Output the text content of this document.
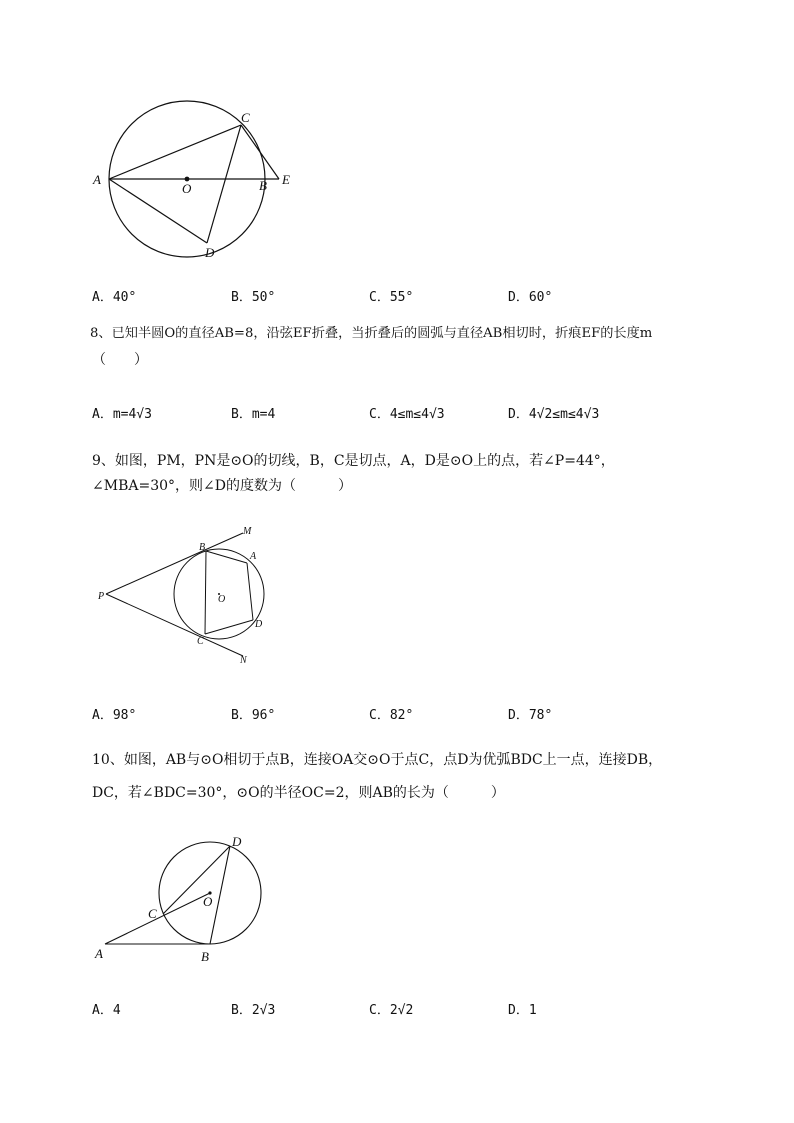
A
O	B E
C
D
A．40°	B．50°	C．55°	D．60°
8、已知半圆O的直径AB=8，沿弦EF折叠，当折叠后的圆弧与直径AB相切时，折痕EF的长度m
（　　）
A．m=4√3	B．m=4	C．4≤m≤4√3	D．4√2≤m≤4√3
9、如图，PM，PN是⊙O的切线，B，C是切点，A，D是⊙O上的点，若∠P=44°，
∠MBA=30°，则∠D的度数为（　　　）
M
B
A
P	O
D
C
N
A．98°	B．96°	C．82°	D．78°
10、如图，AB与⊙O相切于点B，连接OA交⊙O于点C，点D为优弧BDC上一点，连接DB，
DC，若∠BDC=30°，⊙O的半径OC=2，则AB的长为（　　　）
D
O
C
A	B
A．4	B．2√3	C．2√2	D．1
